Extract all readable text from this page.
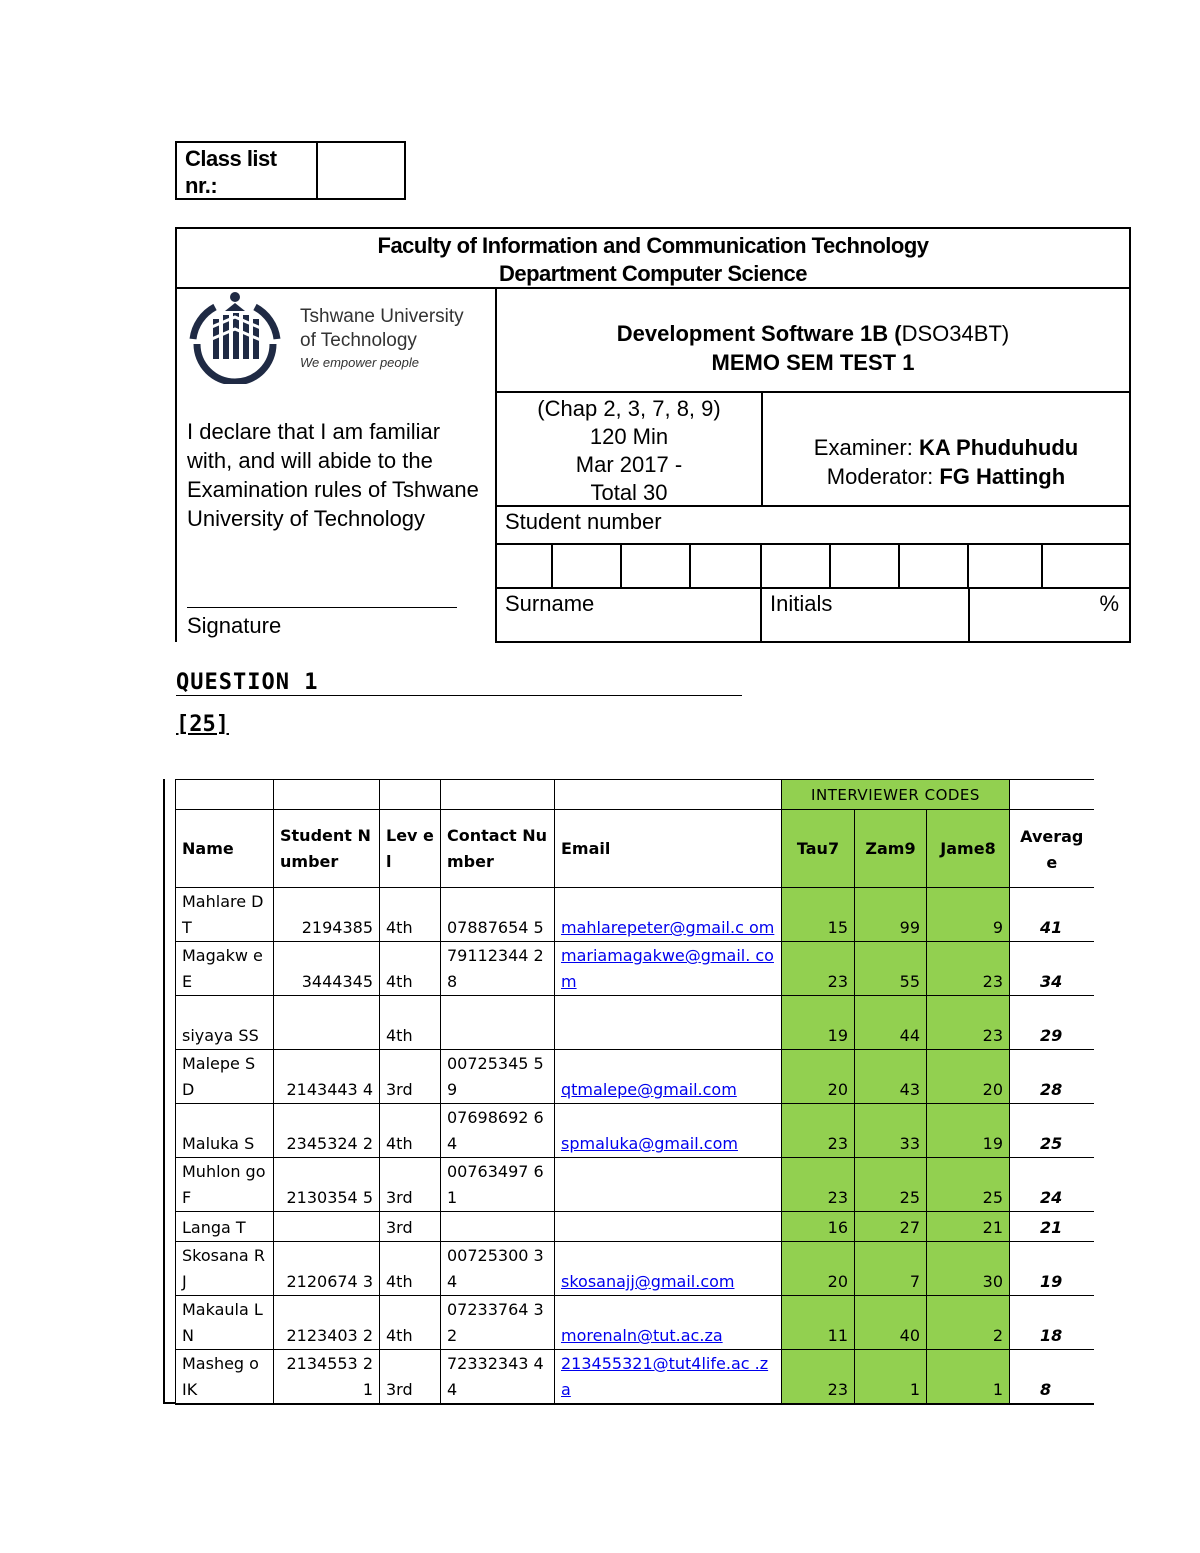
Class list nr.:
Faculty of Information and Communication Technology
Department Computer Science
Tshwane University
of Technology
We empower people
I declare that I am familiar with, and will abide to the Examination rules of Tshwane University of Technology
Signature
Development Software 1B (DSO34BT)
MEMO SEM TEST 1
(Chap 2, 3, 7, 8, 9)
120 Min
Mar 2017 -
Total 30
Examiner: KA Phuduhudu
Moderator: FG Hattingh
Student number
Surname	Initials	%
QUESTION 1
[25]
					INTERVIEWER CODES			
Name	Student Number	Lev el	Contact Number	Email	Tau7	Zam9	Jame8	Averag e
Mahlare DT	2194385	4th	07887654 5	mahlarepeter@gmail.c om	15	99	9	41
Magakw e E	3444345	4th	79112344 28	mariamagakwe@gmail. com	23	55	23	34
siyaya SS		4th			19	44	23	29
Malepe SD	2143443 4	3rd	00725345 59	qtmalepe@gmail.com	20	43	20	28
Maluka S	2345324 2	4th	07698692 64	spmaluka@gmail.com	23	33	19	25
Muhlon go F	2130354 5	3rd	00763497 61		23	25	25	24
Langa T		3rd			16	27	21	21
Skosana RJ	2120674 3	4th	00725300 34	skosanajj@gmail.com	20	7	30	19
Makaula LN	2123403 2	4th	07233764 32	morenaln@tut.ac.za	11	40	2	18
Masheg o IK	2134553 21	3rd	72332343 44	213455321@tut4life.ac .za	23	1	1	8
